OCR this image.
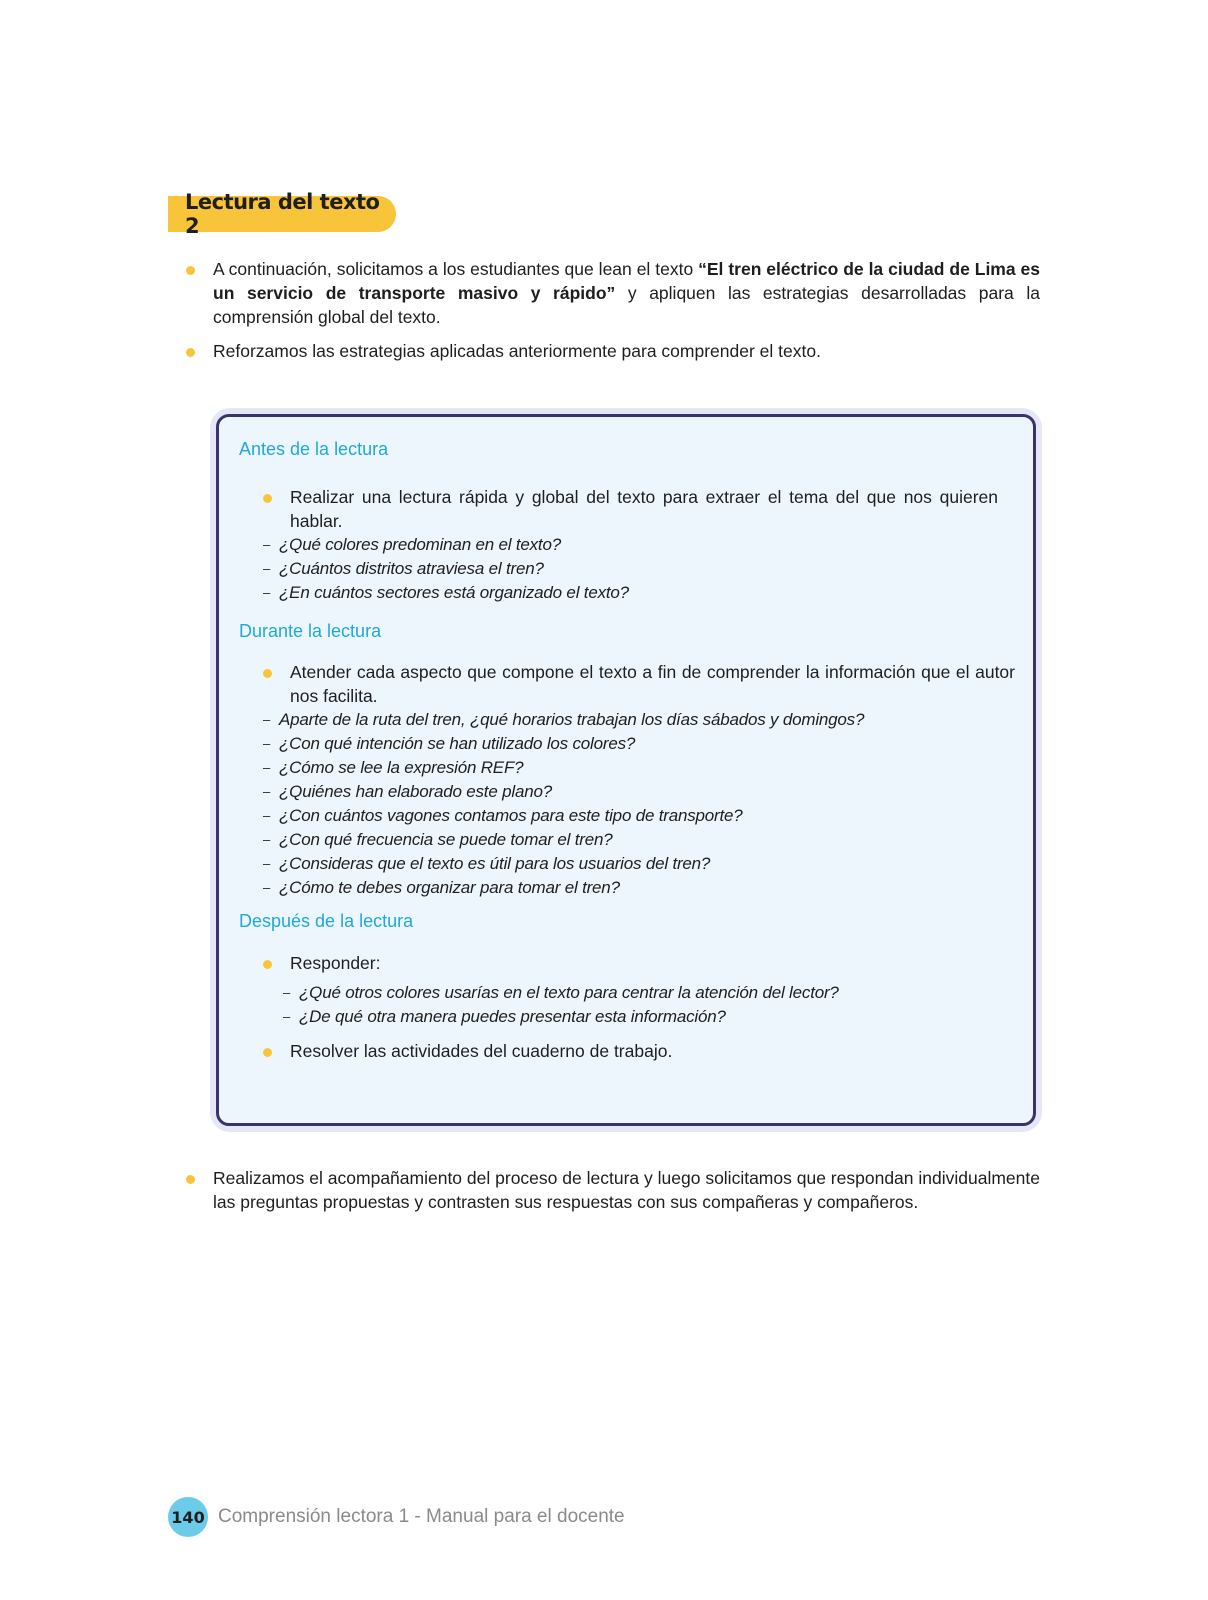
Lectura del texto 2
A continuación, solicitamos a los estudiantes que lean el texto “El tren eléctrico de la ciudad de Lima es un servicio de transporte masivo y rápido” y apliquen las estrategias desarrolladas para la comprensión global del texto.
Reforzamos las estrategias aplicadas anteriormente para comprender el texto.
Antes de la lectura
Realizar una lectura rápida y global del texto para extraer el tema del que nos quieren hablar.
– ¿Qué colores predominan en el texto?
– ¿Cuántos distritos atraviesa el tren?
– ¿En cuántos sectores está organizado el texto?
Durante la lectura
Atender cada aspecto que compone el texto a fin de comprender la información que el autor nos facilita.
– Aparte de la ruta del tren, ¿qué horarios trabajan los días sábados y domingos?
– ¿Con qué intención se han utilizado los colores?
– ¿Cómo se lee la expresión REF?
– ¿Quiénes han elaborado este plano?
– ¿Con cuántos vagones contamos para este tipo de transporte?
– ¿Con qué frecuencia se puede tomar el tren?
– ¿Consideras que el texto es útil para los usuarios del tren?
– ¿Cómo te debes organizar para tomar el tren?
Después de la lectura
Responder:
– ¿Qué otros colores usarías en el texto para centrar la atención del lector?
– ¿De qué otra manera puedes presentar esta información?
Resolver las actividades del cuaderno de trabajo.
Realizamos el acompañamiento del proceso de lectura y luego solicitamos que respondan individualmente las preguntas propuestas y contrasten sus respuestas con sus compañeras y compañeros.
140 Comprensión lectora 1 - Manual para el docente
